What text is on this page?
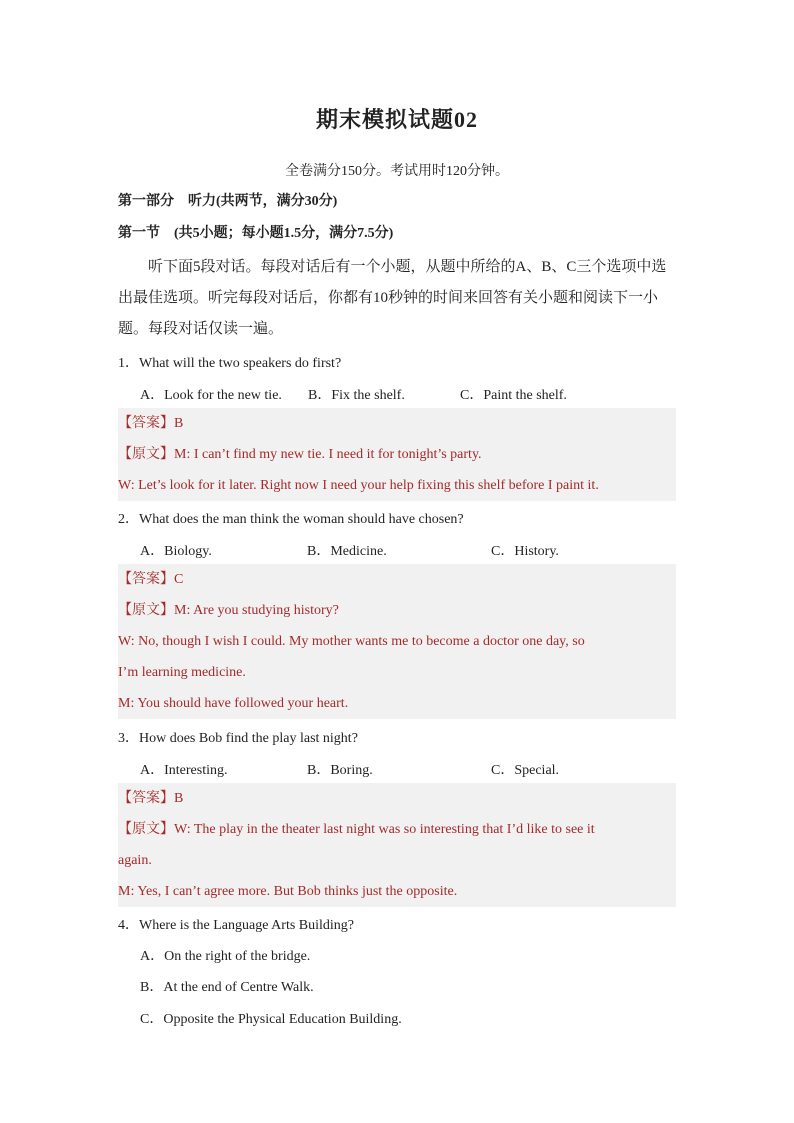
期末模拟试题02
全卷满分150分。考试用时120分钟。
第一部分　听力(共两节，满分30分)
第一节　(共5小题；每小题1.5分，满分7.5分)
听下面5段对话。每段对话后有一个小题，从题中所给的A、B、C三个选项中选出最佳选项。听完每段对话后，你都有10秒钟的时间来回答有关小题和阅读下一小题。每段对话仅读一遍。
1．What will the two speakers do first?
A．Look for the new tie. B．Fix the shelf.	C．Paint the shelf.
【答案】B
【原文】M: I can’t find my new tie. I need it for tonight’s party.
W: Let’s look for it later. Right now I need your help fixing this shelf before I paint it.
2．What does the man think the woman should have chosen?
A．Biology.	B．Medicine.	C．History.
【答案】C
【原文】M: Are you studying history?
W: No, though I wish I could. My mother wants me to become a doctor one day, so
I’m learning medicine.
M: You should have followed your heart.
3．How does Bob find the play last night?
A．Interesting.	B．Boring.	C．Special.
【答案】B
【原文】W: The play in the theater last night was so interesting that I’d like to see it
again.
M: Yes, I can’t agree more. But Bob thinks just the opposite.
4．Where is the Language Arts Building?
A．On the right of the bridge.
B．At the end of Centre Walk.
C．Opposite the Physical Education Building.
